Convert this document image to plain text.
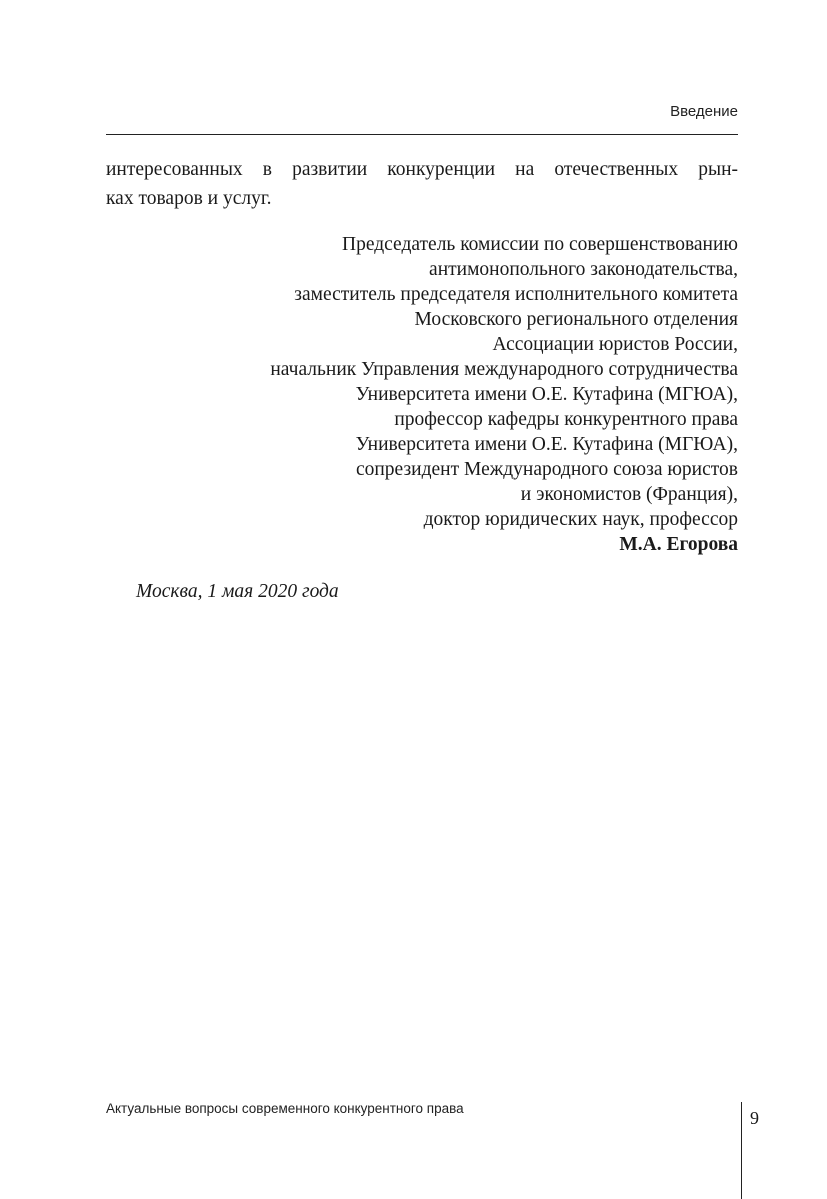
Введение
интересованных в развитии конкуренции на отечественных рын-
ках товаров и услуг.
Председатель комиссии по совершенствованию
антимонопольного законодательства,
заместитель председателя исполнительного комитета
Московского регионального отделения
Ассоциации юристов России,
начальник Управления международного сотрудничества
Университета имени О.Е. Кутафина (МГЮА),
профессор кафедры конкурентного права
Университета имени О.Е. Кутафина (МГЮА),
сопрезидент Международного союза юристов
и экономистов (Франция),
доктор юридических наук, профессор
М.А. Егорова
Москва, 1 мая 2020 года
Актуальные вопросы современного конкурентного права	9
